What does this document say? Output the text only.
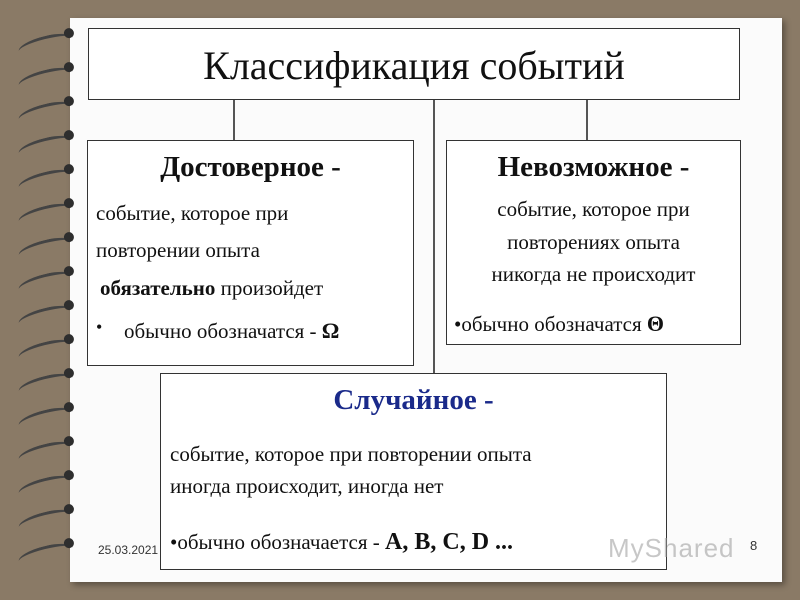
Классификация событий
Достоверное -
событие, которое при
повторении опыта
обязательно произойдет
• обычно обозначатся - Ω
Невозможное -
событие, которое при
повторениях опыта
никогда не происходит
•обычно обозначатся Θ
Случайное -
событие, которое при повторении опыта
иногда происходит, иногда нет
•обычно обозначается - A, B, C, D ...
25.03.2021	MyShared 8
